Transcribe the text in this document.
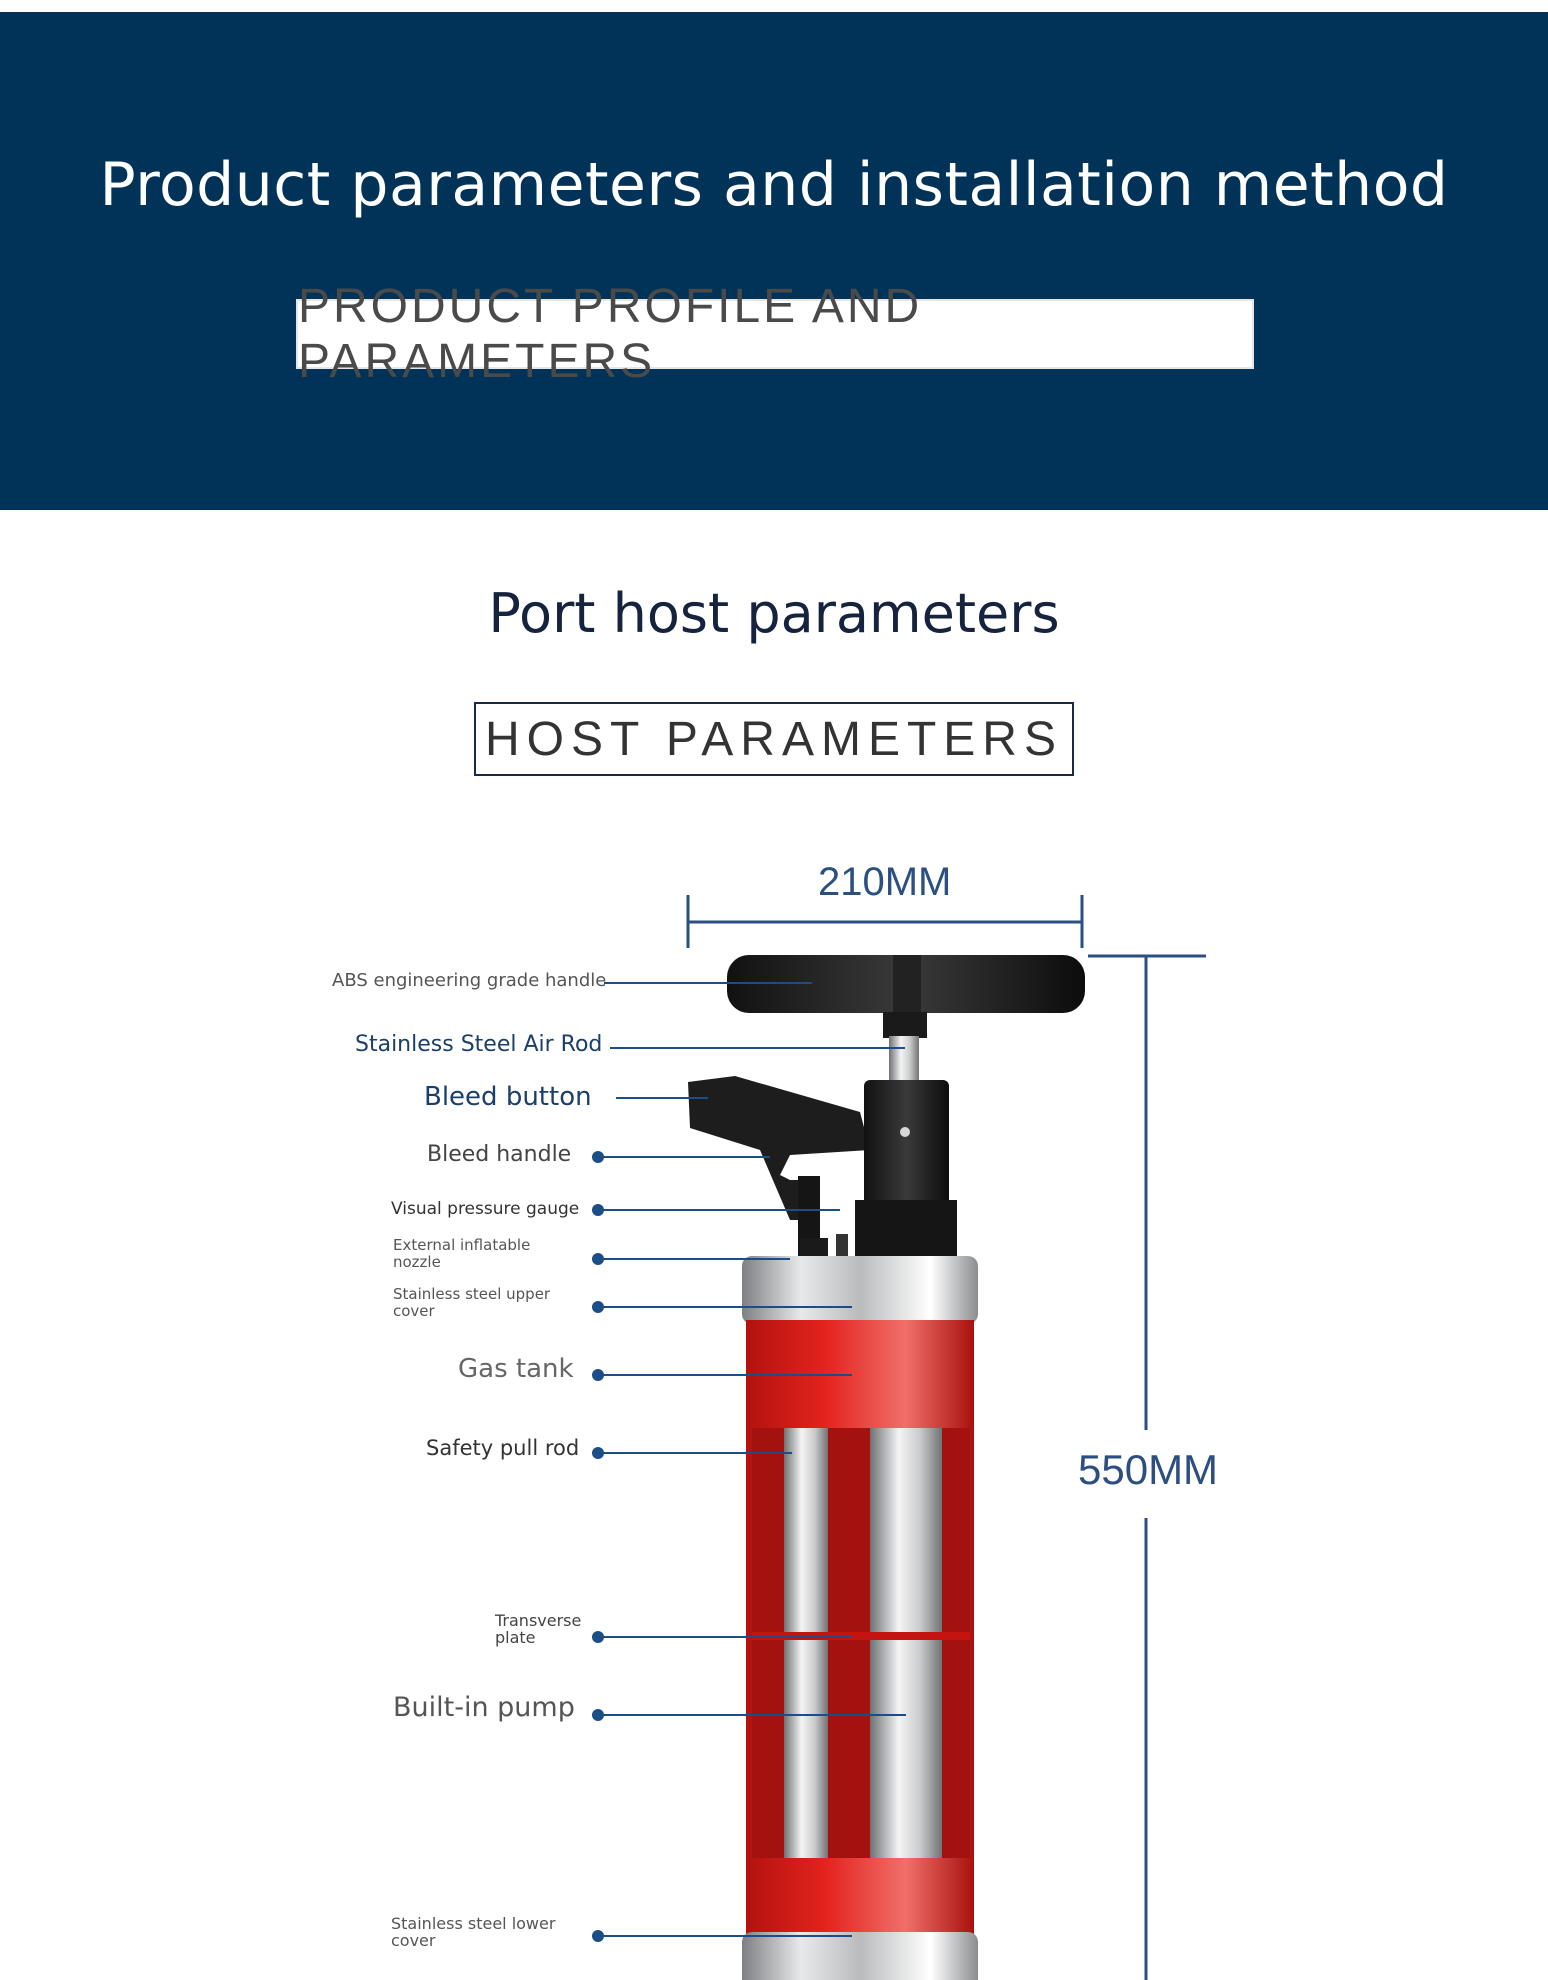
Product parameters and installation method
PRODUCT PROFILE AND PARAMETERS
Port host parameters
HOST PARAMETERS
210MM
550MM
ABS engineering grade handle
Stainless Steel Air Rod
Bleed button
Bleed handle
Visual pressure gauge
External inflatable nozzle
Stainless steel upper cover
Gas tank
Safety pull rod
Transverse plate
Built-in pump
Stainless steel lower cover
